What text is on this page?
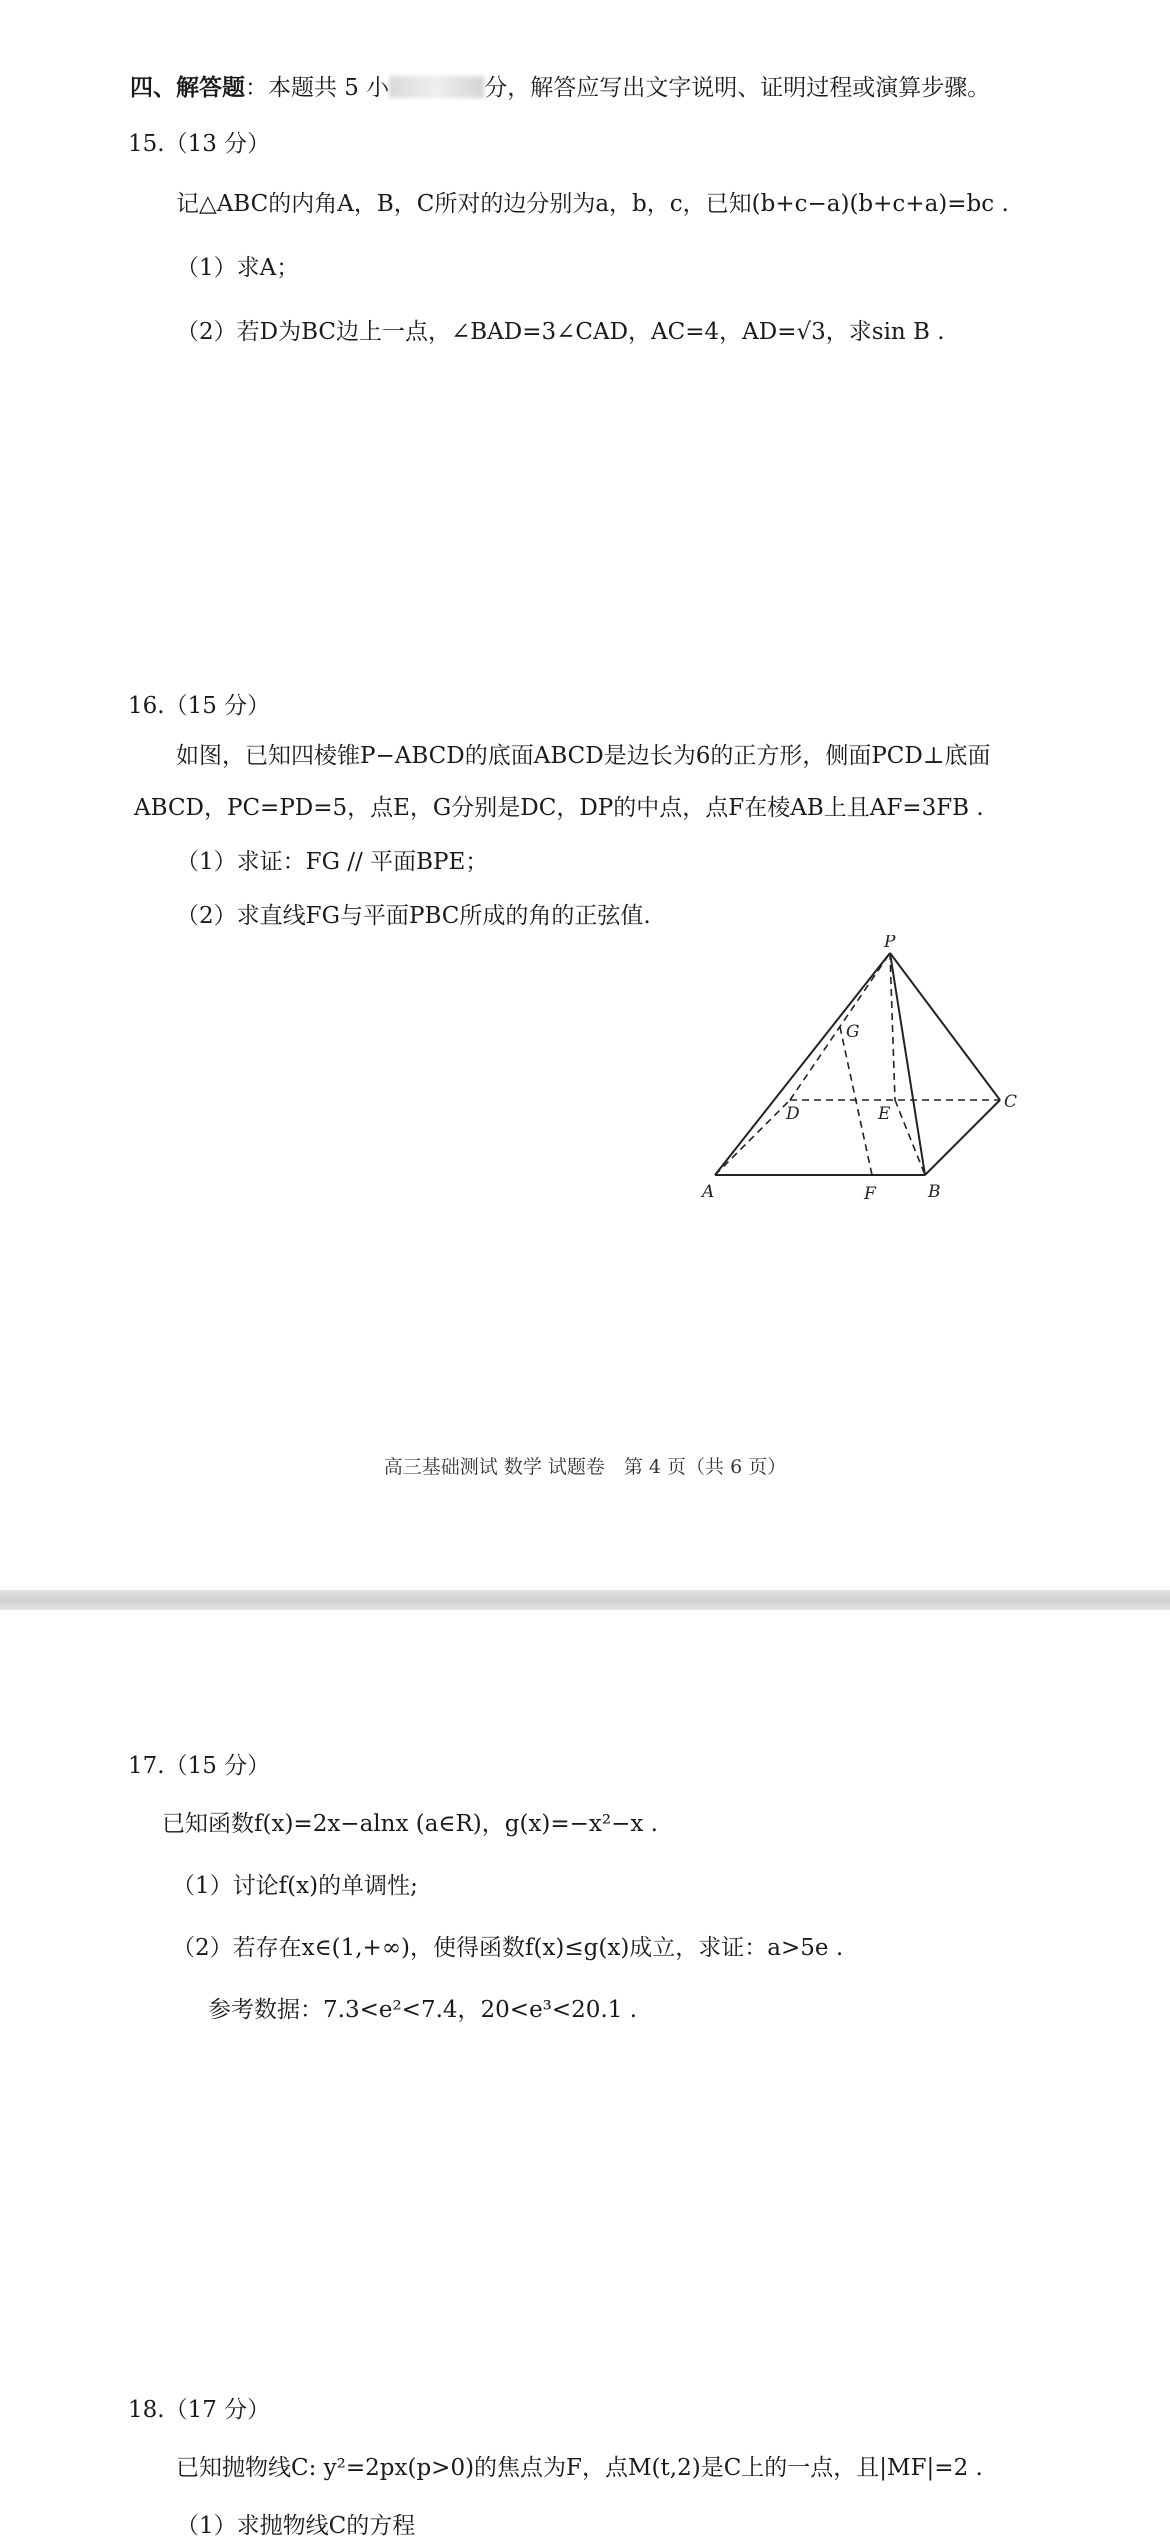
四、解答题：本题共 5 小	分，解答应写出文字说明、证明过程或演算步骤。
15.（13 分）
记△ABC的内角A，B，C所对的边分别为a，b，c，已知(b+c−a)(b+c+a)=bc .
（1）求A；
（2）若D为BC边上一点，∠BAD=3∠CAD，AC=4，AD=√3，求sin B .
16.（15 分）
如图，已知四棱锥P−ABCD的底面ABCD是边长为6的正方形，侧面PCD⊥底面
ABCD，PC=PD=5，点E，G分别是DC，DP的中点，点F在棱AB上且AF=3FB .
（1）求证：FG // 平面BPE；
（2）求直线FG与平面PBC所成的角的正弦值.
P
G
D	E
C
A	F	B
高三基础测试 数学 试题卷　第 4 页（共 6 页）
17.（15 分）
已知函数f(x)=2x−alnx (a∈R)，g(x)=−x²−x .
（1）讨论f(x)的单调性;
（2）若存在x∈(1,+∞)，使得函数f(x)≤g(x)成立，求证：a>5e .
参考数据：7.3<e²<7.4，20<e³<20.1 .
18.（17 分）
已知抛物线C: y²=2px(p>0)的焦点为F，点M(t,2)是C上的一点，且|MF|=2 .
（1）求抛物线C的方程
